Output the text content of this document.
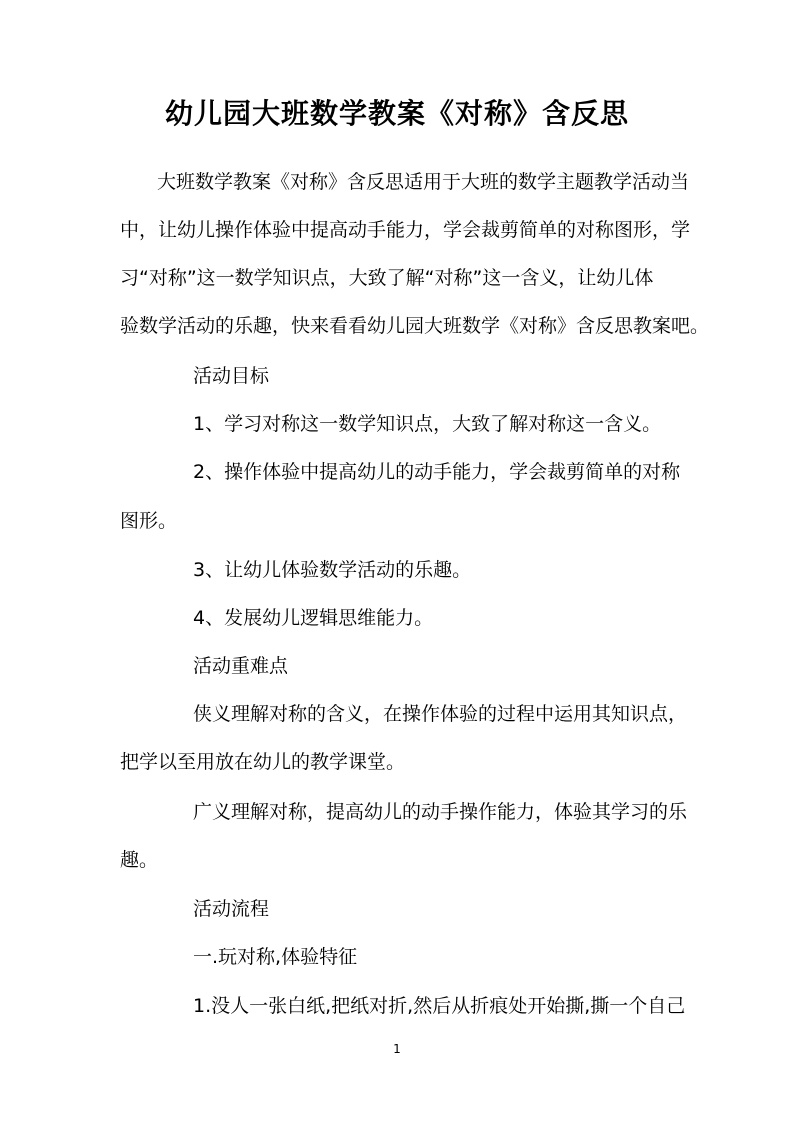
幼儿园大班数学教案《对称》含反思
大班数学教案《对称》含反思适用于大班的数学主题教学活动当
中，让幼儿操作体验中提高动手能力，学会裁剪简单的对称图形，学
习“对称”这一数学知识点，大致了解“对称”这一含义，让幼儿体
验数学活动的乐趣，快来看看幼儿园大班数学《对称》含反思教案吧。
活动目标
1、学习对称这一数学知识点，大致了解对称这一含义。
2、操作体验中提高幼儿的动手能力，学会裁剪简单的对称
图形。
3、让幼儿体验数学活动的乐趣。
4、发展幼儿逻辑思维能力。
活动重难点
侠义理解对称的含义，在操作体验的过程中运用其知识点，
把学以至用放在幼儿的教学课堂。
广义理解对称，提高幼儿的动手操作能力，体验其学习的乐
趣。
活动流程
一.玩对称,体验特征
1.没人一张白纸,把纸对折,然后从折痕处开始撕,撕一个自己
1
